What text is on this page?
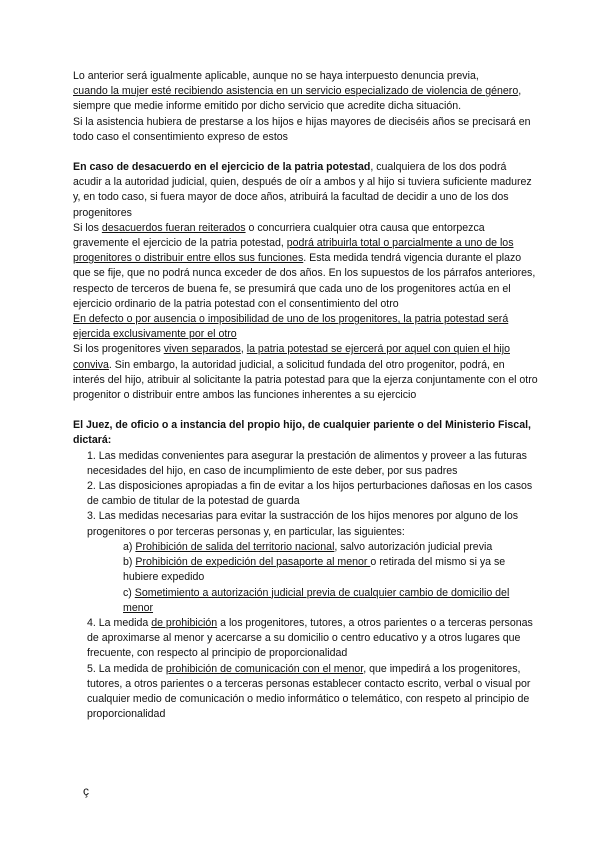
Lo anterior será igualmente aplicable, aunque no se haya interpuesto denuncia previa,
cuando la mujer esté recibiendo asistencia en un servicio especializado de violencia de género, siempre que medie informe emitido por dicho servicio que acredite dicha situación.
Si la asistencia hubiera de prestarse a los hijos e hijas mayores de dieciséis años se precisará en todo caso el consentimiento expreso de estos

En caso de desacuerdo en el ejercicio de la patria potestad, cualquiera de los dos podrá acudir a la autoridad judicial, quien, después de oír a ambos y al hijo si tuviera suficiente madurez y, en todo caso, si fuera mayor de doce años, atribuirá la facultad de decidir a uno de los dos progenitores

Si los desacuerdos fueran reiterados o concurriera cualquier otra causa que entorpezca gravemente el ejercicio de la patria potestad, podrá atribuirla total o parcialmente a uno de los progenitores o distribuir entre ellos sus funciones. Esta medida tendrá vigencia durante el plazo que se fije, que no podrá nunca exceder de dos años. En los supuestos de los párrafos anteriores, respecto de terceros de buena fe, se presumirá que cada uno de los progenitores actúa en el ejercicio ordinario de la patria potestad con el consentimiento del otro

En defecto o por ausencia o imposibilidad de uno de los progenitores, la patria potestad será ejercida exclusivamente por el otro

Si los progenitores viven separados, la patria potestad se ejercerá por aquel con quien el hijo conviva. Sin embargo, la autoridad judicial, a solicitud fundada del otro progenitor, podrá, en interés del hijo, atribuir al solicitante la patria potestad para que la ejerza conjuntamente con el otro progenitor o distribuir entre ambos las funciones inherentes a su ejercicio

El Juez, de oficio o a instancia del propio hijo, de cualquier pariente o del Ministerio Fiscal, dictará:

1. Las medidas convenientes para asegurar la prestación de alimentos y proveer a las futuras necesidades del hijo, en caso de incumplimiento de este deber, por sus padres

2. Las disposiciones apropiadas a fin de evitar a los hijos perturbaciones dañosas en los casos de cambio de titular de la potestad de guarda

3. Las medidas necesarias para evitar la sustracción de los hijos menores por alguno de los progenitores o por terceras personas y, en particular, las siguientes:

a) Prohibición de salida del territorio nacional, salvo autorización judicial previa

b) Prohibición de expedición del pasaporte al menor o retirada del mismo si ya se hubiere expedido

c) Sometimiento a autorización judicial previa de cualquier cambio de domicilio del menor

4. La medida de prohibición a los progenitores, tutores, a otros parientes o a terceras personas de aproximarse al menor y acercarse a su domicilio o centro educativo y a otros lugares que frecuente, con respecto al principio de proporcionalidad

5. La medida de prohibición de comunicación con el menor, que impedirá a los progenitores, tutores, a otros parientes o a terceras personas establecer contacto escrito, verbal o visual por cualquier medio de comunicación o medio informático o telemático, con respeto al principio de proporcionalidad

ç
